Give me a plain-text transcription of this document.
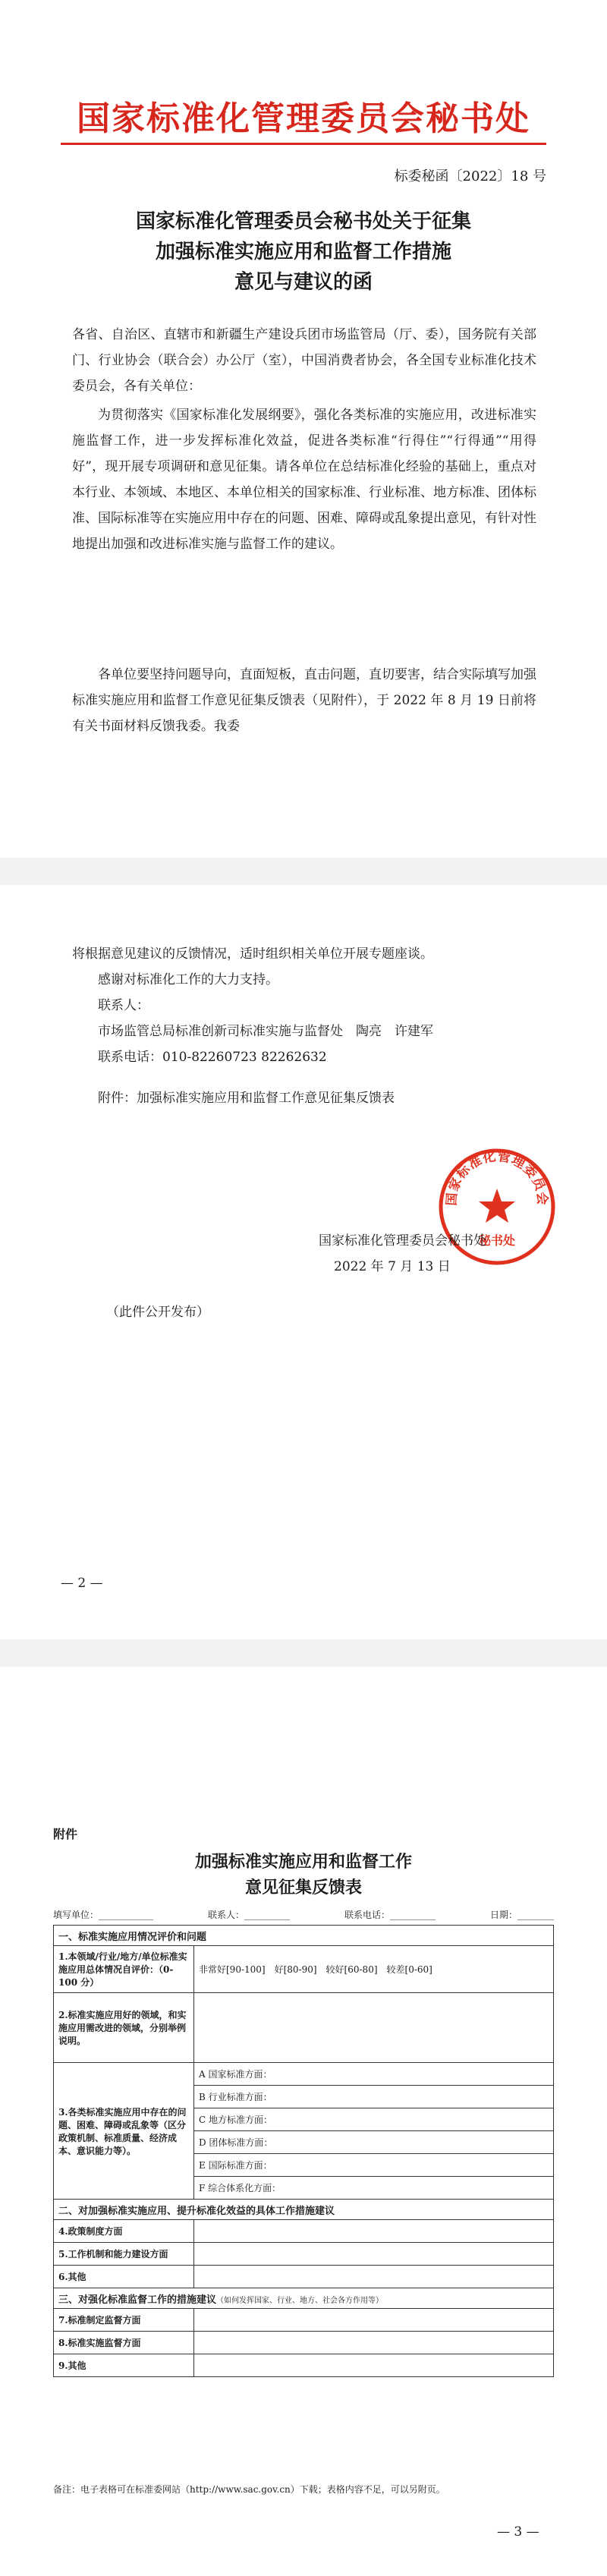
国家标准化管理委员会秘书处
标委秘函〔2022〕18 号
国家标准化管理委员会秘书处关于征集
加强标准实施应用和监督工作措施
意见与建议的函
各省、自治区、直辖市和新疆生产建设兵团市场监管局（厅、委），国务院有关部门、行业协会（联合会）办公厅（室），中国消费者协会，各全国专业标准化技术委员会，各有关单位：
为贯彻落实《国家标准化发展纲要》，强化各类标准的实施应用，改进标准实施监督工作，进一步发挥标准化效益，促进各类标准“行得住”“行得通”“用得好”，现开展专项调研和意见征集。请各单位在总结标准化经验的基础上，重点对本行业、本领域、本地区、本单位相关的国家标准、行业标准、地方标准、团体标准、国际标准等在实施应用中存在的问题、困难、障碍或乱象提出意见，有针对性地提出加强和改进标准实施与监督工作的建议。
各单位要坚持问题导向，直面短板，直击问题，直切要害，结合实际填写加强标准实施应用和监督工作意见征集反馈表（见附件），于 2022 年 8 月 19 日前将有关书面材料反馈我委。我委
将根据意见建议的反馈情况，适时组织相关单位开展专题座谈。
感谢对标准化工作的大力支持。
联系人：
市场监管总局标准创新司标准实施与监督处　陶亮　许建军
联系电话：010-82260723 82262632
附件：加强标准实施应用和监督工作意见征集反馈表
国家标准化管理委员会
秘书处
国家标准化管理委员会秘书处
2022 年 7 月 13 日
（此件公开发布）
— 2 —
附件
加强标准实施应用和监督工作
意见征集反馈表
填写单位：____________	联系人：__________	联系电话：__________	日期：________
一、标准实施应用情况评价和问题	
1.本领域/行业/地方/单位标准实施应用总体情况自评价：（0-100 分）	非常好[90-100]　好[80-90]　较好[60-80]　较差[0-60]
2.标准实施应用好的领域，和实施应用需改进的领域，分别举例说明。	
3.各类标准实施应用中存在的问题、困难、障碍或乱象等（区分政策机制、标准质量、经济成本、意识能力等）。	A 国家标准方面：
	B 行业标准方面：
	C 地方标准方面：
	D 团体标准方面：
	E 国际标准方面：
	F 综合体系化方面：
二、对加强标准实施应用、提升标准化效益的具体工作措施建议	
4.政策制度方面	
5.工作机制和能力建设方面	
6.其他	
三、对强化标准监督工作的措施建议（如何发挥国家、行业、地方、社会各方作用等）	
7.标准制定监督方面	
8.标准实施监督方面	
9.其他	
备注：电子表格可在标准委网站（http://www.sac.gov.cn）下载；表格内容不足，可以另附页。
— 3 —
